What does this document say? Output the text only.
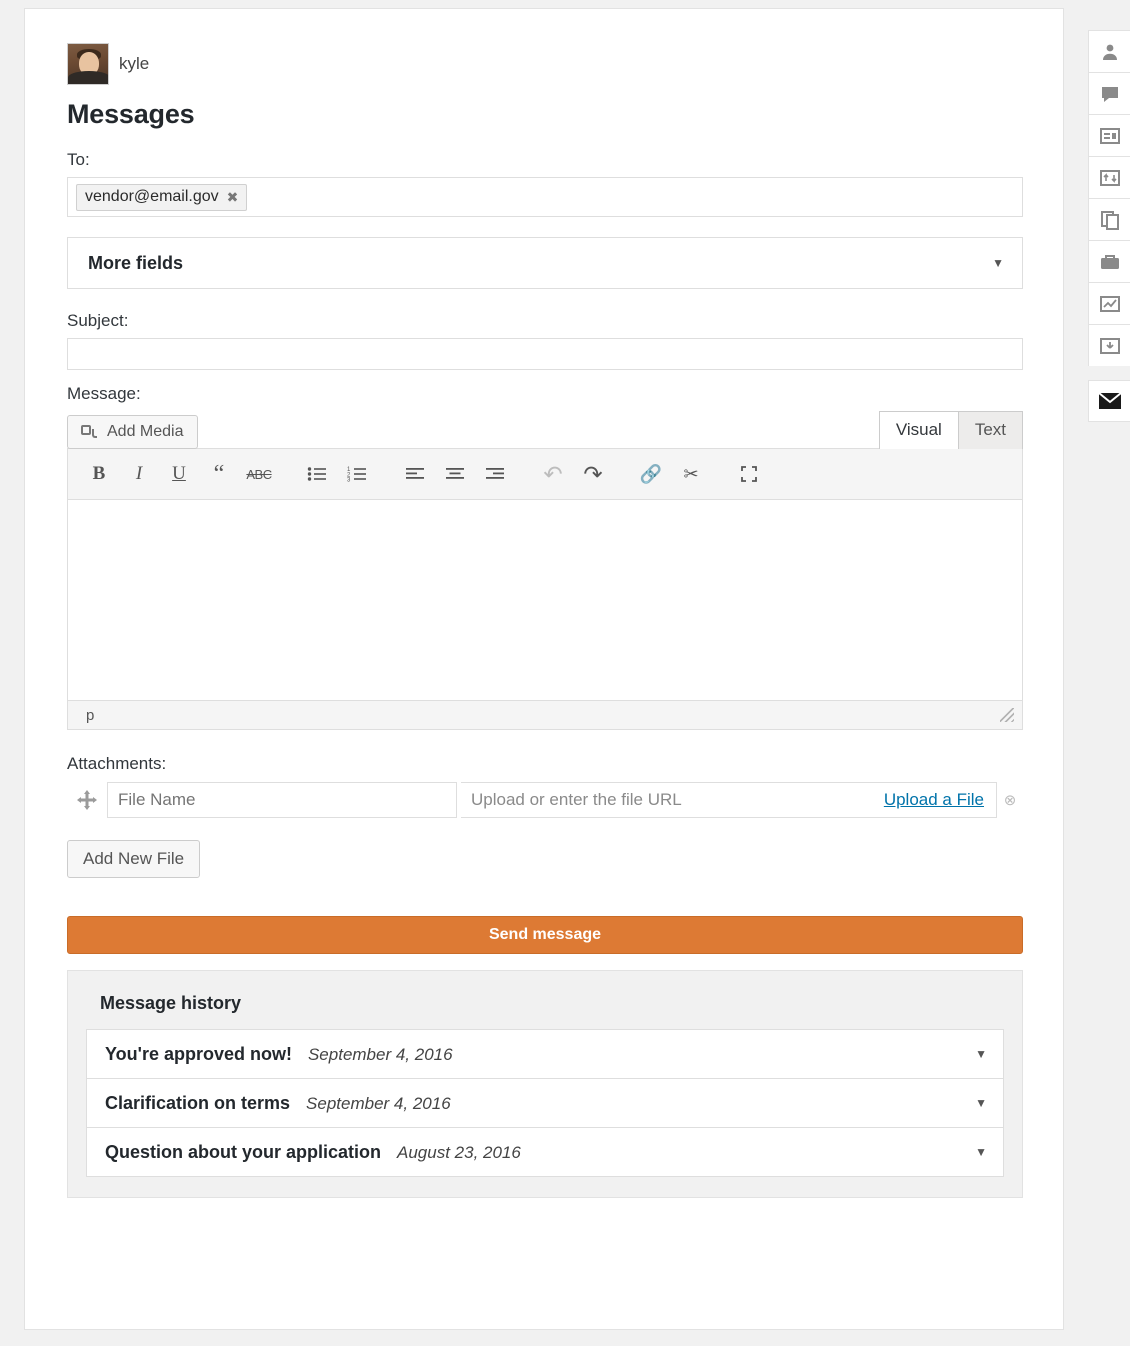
kyle
Messages
To:
vendor@email.gov ✖
More fields	▼
Subject:
Message:
Add Media	Visual	Text
B	I	U	“	ABC	1
2
3	↶ ↷	🔗	✂
p
Attachments:
File Name
Upload or enter the file URL	Upload a File	⊗
Add New File
Send message
Message history
You're approved now! September 4, 2016	▼
Clarification on terms September 4, 2016	▼
Question about your application August 23, 2016	▼
